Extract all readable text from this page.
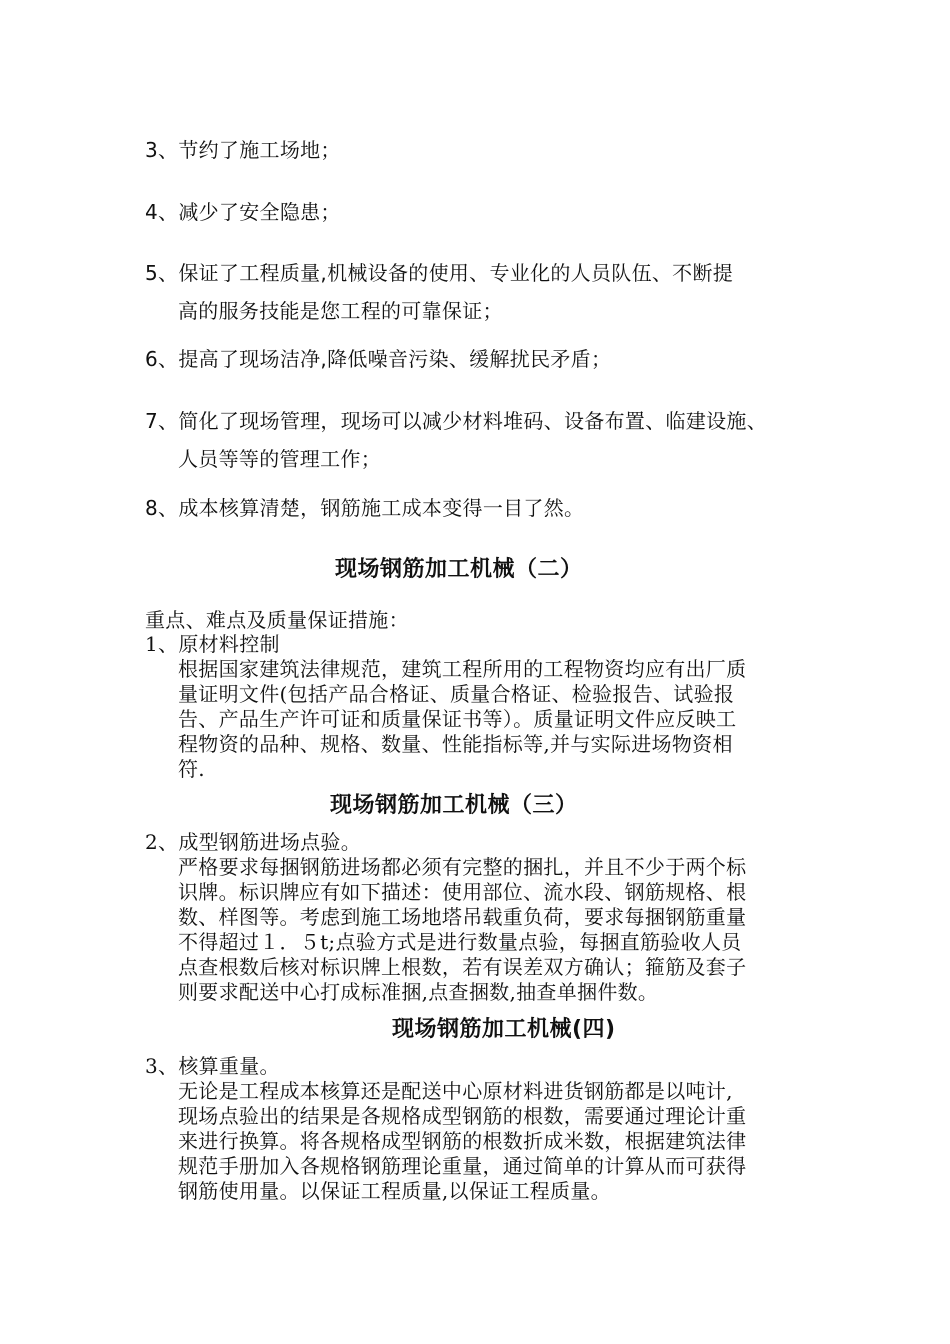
3、节约了施工场地；
4、减少了安全隐患；
5、保证了工程质量,机械设备的使用、专业化的人员队伍、不断提
高的服务技能是您工程的可靠保证；
6、提高了现场洁净,降低噪音污染、缓解扰民矛盾；
7、简化了现场管理，现场可以减少材料堆码、设备布置、临建设施、
人员等等的管理工作；
8、成本核算清楚，钢筋施工成本变得一目了然。
现场钢筋加工机械（二）
重点、难点及质量保证措施：
1、原材料控制
根据国家建筑法律规范，建筑工程所用的工程物资均应有出厂质
量证明文件(包括产品合格证、质量合格证、检验报告、试验报
告、产品生产许可证和质量保证书等）。质量证明文件应反映工
程物资的品种、规格、数量、性能指标等,并与实际进场物资相
符.
现场钢筋加工机械（三）
2、成型钢筋进场点验。
严格要求每捆钢筋进场都必须有完整的捆扎，并且不少于两个标
识牌。标识牌应有如下描述：使用部位、流水段、钢筋规格、根
数、样图等。考虑到施工场地塔吊载重负荷，要求每捆钢筋重量
不得超过１．５t;点验方式是进行数量点验，每捆直筋验收人员
点查根数后核对标识牌上根数，若有误差双方确认；箍筋及套子
则要求配送中心打成标准捆,点查捆数,抽查单捆件数。
现场钢筋加工机械(四)
3、核算重量。
无论是工程成本核算还是配送中心原材料进货钢筋都是以吨计,
现场点验出的结果是各规格成型钢筋的根数，需要通过理论计重
来进行换算。将各规格成型钢筋的根数折成米数，根据建筑法律
规范手册加入各规格钢筋理论重量，通过简单的计算从而可获得
钢筋使用量。以保证工程质量,以保证工程质量。
